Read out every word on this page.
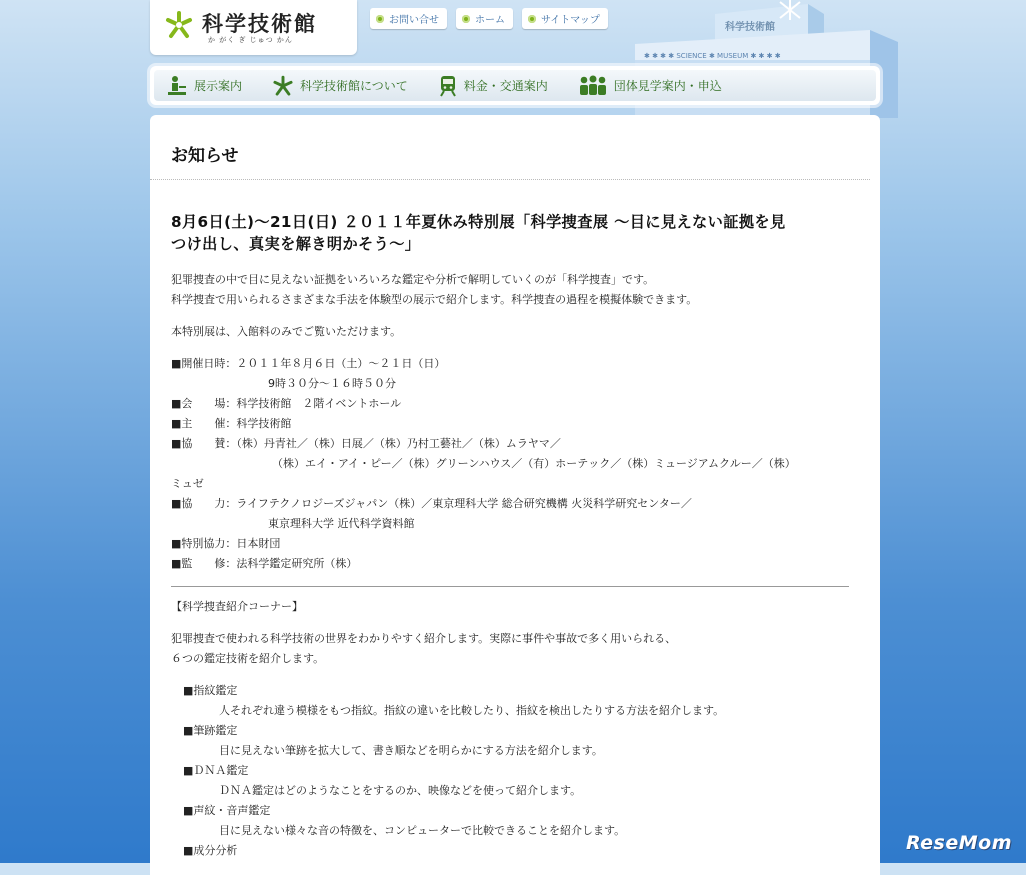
科学技術館
か がく ぎ じゅつ かん
お問い合せ	ホーム	サイトマップ
科学技術館
✱ ✱ ✱ ✱ SCIENCE ✱ MUSEUM ✱ ✱ ✱ ✱
展示案内	科学技術館について	料金・交通案内	団体見学案内・申込
お知らせ
8月6日(土)〜21日(日) ２０１１年夏休み特別展「科学捜査展 〜目に見えない証拠を見
つけ出し、真実を解き明かそう〜」

犯罪捜査の中で目に見えない証拠をいろいろな鑑定や分析で解明していくのが「科学捜査」です。

科学捜査で用いられるさまざまな手法を体験型の展示で紹介します。科学捜査の過程を模擬体験できます。

本特別展は、入館料のみでご覧いただけます。

■開催日時：２０１１年８月６日（土）〜２１日（日）

9時３０分〜１６時５０分

■会　　場：科学技術館　２階イベントホール

■主　　催：科学技術館

■協　　賛：（株）丹青社／（株）日展／（株）乃村工藝社／（株）ムラヤマ／

（株）エイ・アイ・ピー／（株）グリーンハウス／（有）ホーテック／（株）ミュージアムクルー／（株）

ミュゼ

■協　　力：ライフテクノロジーズジャパン（株）／東京理科大学 総合研究機構 火災科学研究センター／

東京理科大学 近代科学資料館

■特別協力：日本財団

■監　　修：法科学鑑定研究所（株）

【科学捜査紹介コーナー】

犯罪捜査で使われる科学技術の世界をわかりやすく紹介します。実際に事件や事故で多く用いられる、

６つの鑑定技術を紹介します。

■指紋鑑定

人それぞれ違う模様をもつ指紋。指紋の違いを比較したり、指紋を検出したりする方法を紹介します。

■筆跡鑑定

目に見えない筆跡を拡大して、書き順などを明らかにする方法を紹介します。

■ＤＮＡ鑑定

ＤＮＡ鑑定はどのようなことをするのか、映像などを使って紹介します。

■声紋・音声鑑定

目に見えない様々な音の特徴を、コンピューターで比較できることを紹介します。

■成分分析	ReseMom
